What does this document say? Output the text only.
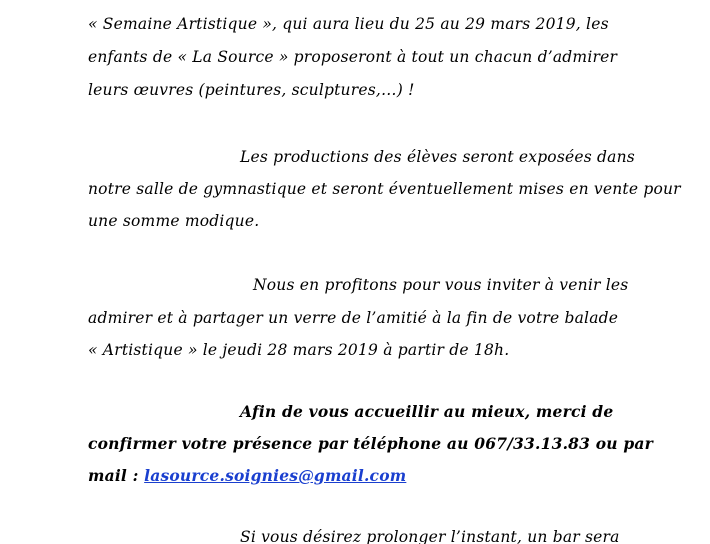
« Semaine Artistique », qui aura lieu du 25 au 29 mars 2019, les
enfants de « La Source » proposeront à tout un chacun d’admirer
leurs œuvres (peintures, sculptures,…) !
Les productions des élèves seront exposées dans
notre salle de gymnastique et seront éventuellement mises en vente pour
une somme modique.
Nous en profitons pour vous inviter à venir les
admirer et à partager un verre de l’amitié à la fin de votre balade
« Artistique » le jeudi 28 mars 2019 à partir de 18h.
Afin de vous accueillir au mieux, merci de
confirmer votre présence par téléphone au 067/33.13.83 ou par
mail : lasource.soignies@gmail.com
Si vous désirez prolonger l’instant, un bar sera
